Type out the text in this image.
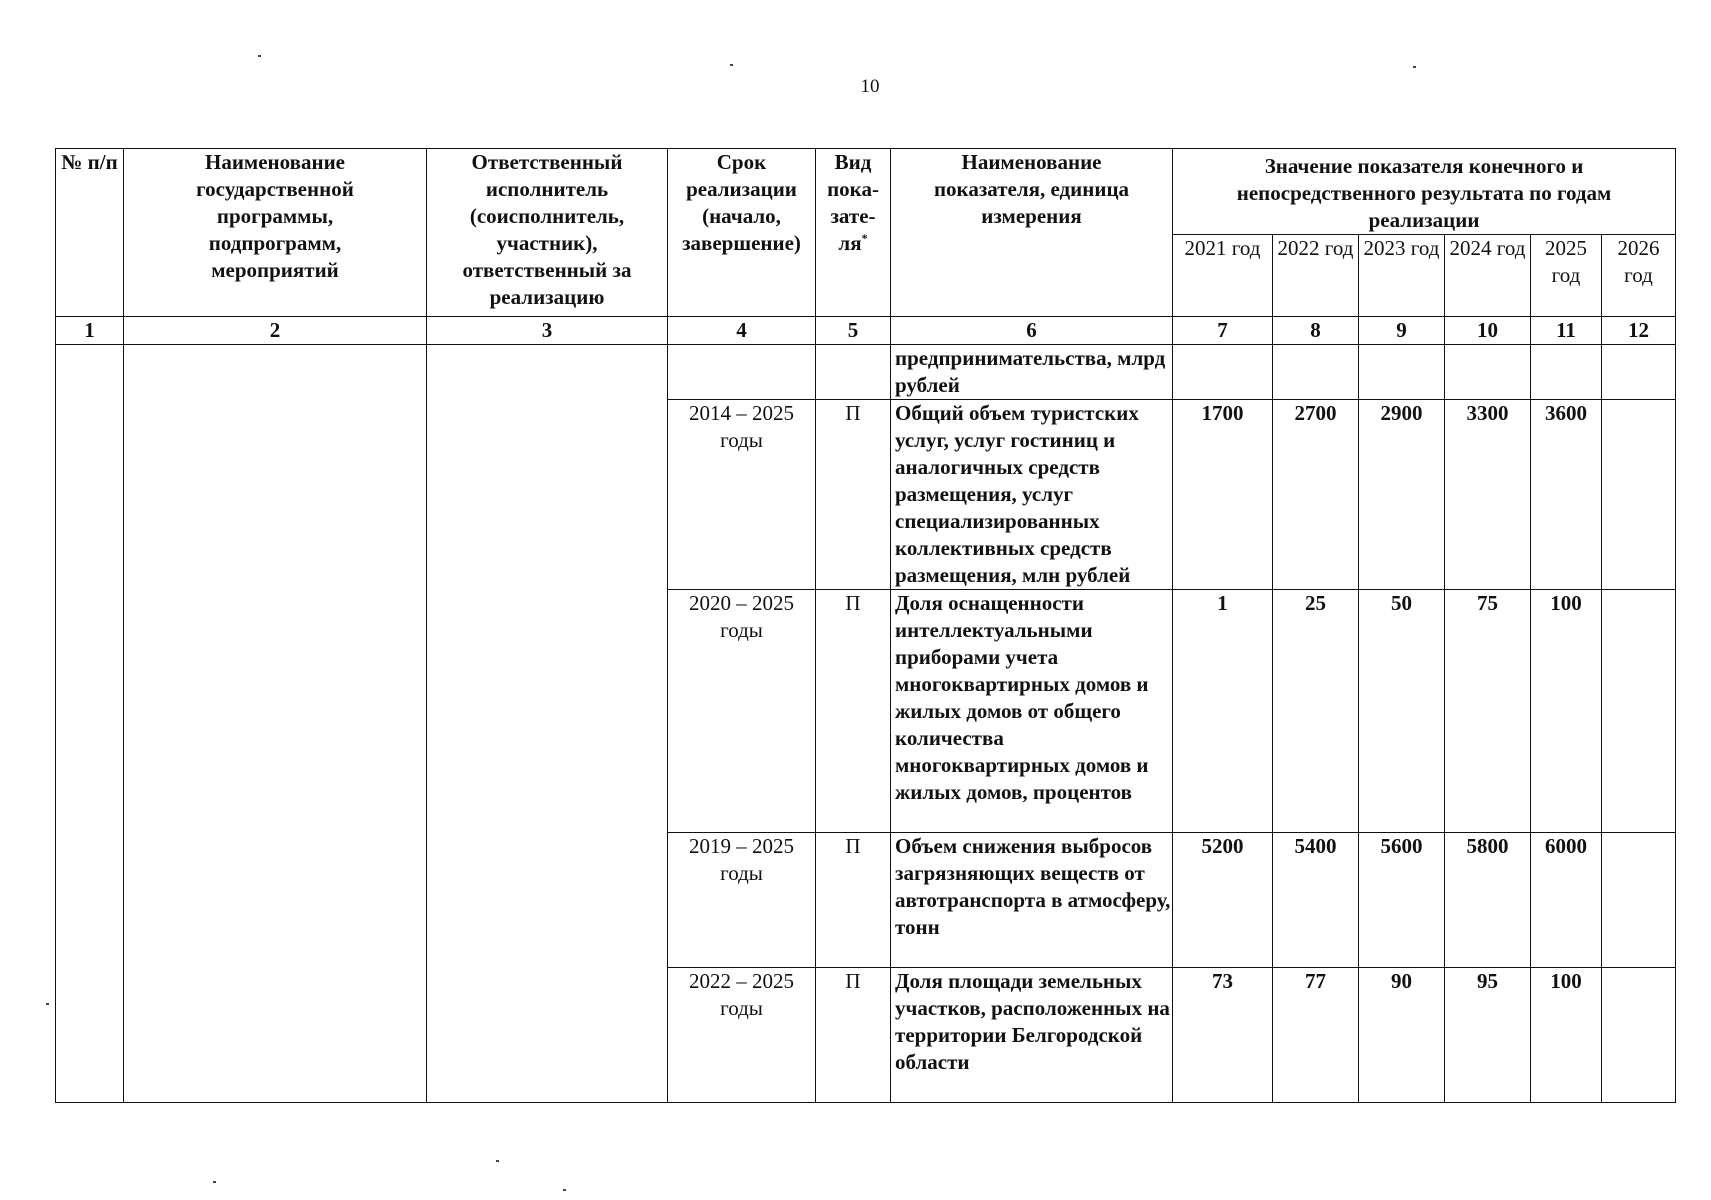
10
№ п/п	Наименование государственной программы, подпрограмм, мероприятий	Ответственный исполнитель (соисполнитель, участник), ответственный за реализацию	Срок реализации (начало, завершение)	Вид пока-зате-ля*	Наименование показателя, единица измерения	Значение показателя конечного и непосредственного результата по годам реализации					
						2021 год	2022 год	2023 год	2024 год	2025 год	2026 год
1	2	3	4	5	6	7	8	9	10	11	12
					предпринимательства, млрд рублей						
			2014 – 2025 годы	П	Общий объем туристских услуг, услуг гостиниц и аналогичных средств размещения, услуг специализированных коллективных средств размещения, млн рублей	1700	2700	2900	3300	3600	
			2020 – 2025 годы	П	Доля оснащенности интеллектуальными приборами учета многоквартирных домов и жилых домов от общего количества многоквартирных домов и жилых домов, процентов	1	25	50	75	100	
			2019 – 2025 годы	П	Объем снижения выбросов загрязняющих веществ от автотранспорта в атмосферу, тонн	5200	5400	5600	5800	6000	
			2022 – 2025 годы	П	Доля площади земельных участков, расположенных на территории Белгородской области	73	77	90	95	100	
